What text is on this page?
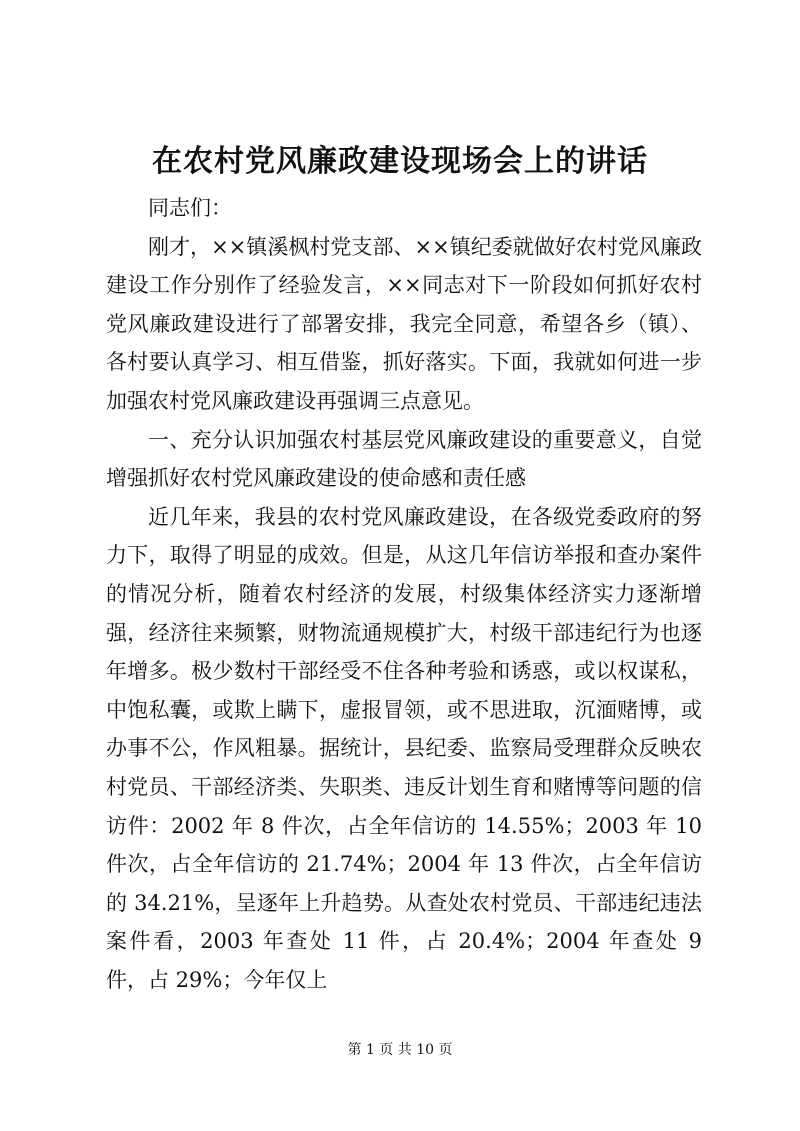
在农村党风廉政建设现场会上的讲话

同志们：

刚才，××镇溪枫村党支部、××镇纪委就做好农村党风廉政建设工作分别作了经验发言，××同志对下一阶段如何抓好农村党风廉政建设进行了部署安排，我完全同意，希望各乡（镇）、各村要认真学习、相互借鉴，抓好落实。下面，我就如何进一步加强农村党风廉政建设再强调三点意见。

一、充分认识加强农村基层党风廉政建设的重要意义，自觉增强抓好农村党风廉政建设的使命感和责任感

近几年来，我县的农村党风廉政建设，在各级党委政府的努力下，取得了明显的成效。但是，从这几年信访举报和查办案件的情况分析，随着农村经济的发展，村级集体经济实力逐渐增强，经济往来频繁，财物流通规模扩大，村级干部违纪行为也逐年增多。极少数村干部经受不住各种考验和诱惑，或以权谋私，中饱私囊，或欺上瞒下，虚报冒领，或不思进取，沉湎赌博，或办事不公，作风粗暴。据统计，县纪委、监察局受理群众反映农村党员、干部经济类、失职类、违反计划生育和赌博等问题的信访件：2002 年 8 件次，占全年信访的 14.55%；2003 年 10 件次，占全年信访的 21.74%；2004 年 13 件次，占全年信访的 34.21%，呈逐年上升趋势。从查处农村党员、干部违纪违法案件看，2003 年查处 11 件，占 20.4%；2004 年查处 9 件，占 29%；今年仅上

第 1 页 共 10 页
